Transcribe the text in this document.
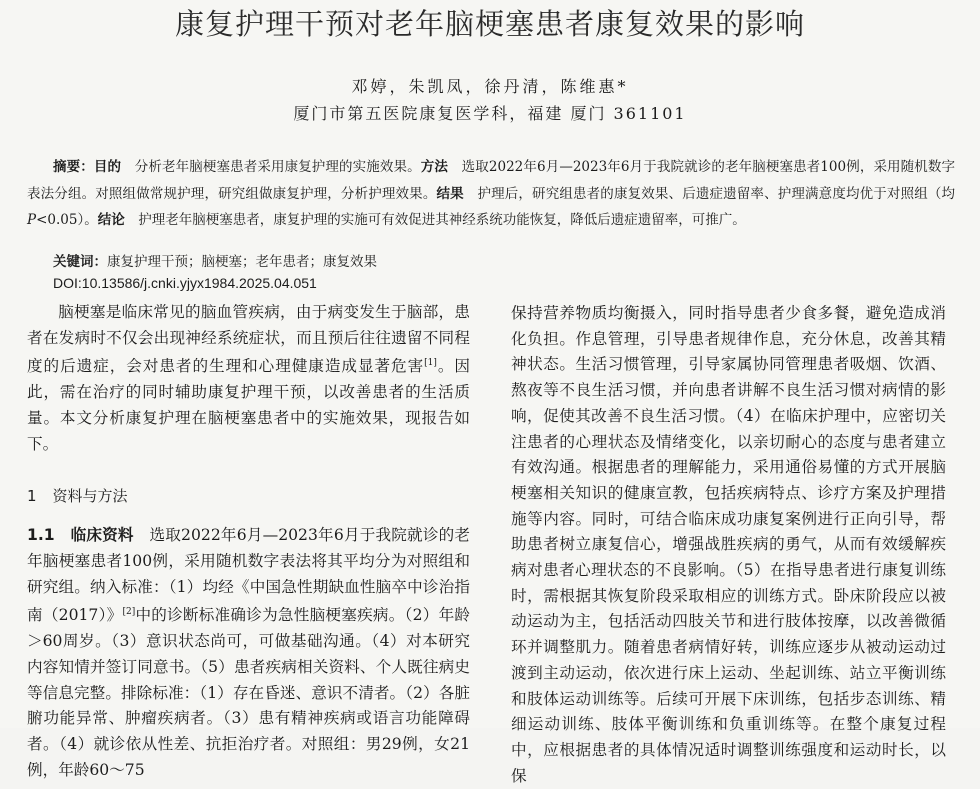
康复护理干预对老年脑梗塞患者康复效果的影响
邓婷，朱凯凤，徐丹清，陈维惠*
厦门市第五医院康复医学科，福建 厦门 361101
摘要：目的　 分析老年脑梗塞患者采用康复护理的实施效果。方法　 选取2022年6月—2023年6月于我院就诊的老年脑梗塞患者100例，采用随机数字表法分组。对照组做常规护理，研究组做康复护理，分析护理效果。结果　 护理后，研究组患者的康复效果、后遗症遗留率、护理满意度均优于对照组（均P<0.05）。结论　 护理老年脑梗塞患者，康复护理的实施可有效促进其神经系统功能恢复，降低后遗症遗留率，可推广。
关键词：康复护理干预；脑梗塞；老年患者；康复效果
DOI:10.13586/j.cnki.yjyx1984.2025.04.051

脑梗塞是临床常见的脑血管疾病，由于病变发生于脑部，患者在发病时不仅会出现神经系统症状，而且预后往往遗留不同程度的后遗症，会对患者的生理和心理健康造成显著危害[1]。因此，需在治疗的同时辅助康复护理干预，以改善患者的生活质量。本文分析康复护理在脑梗塞患者中的实施效果，现报告如下。

1 资料与方法

1.1　临床资料　 选取2022年6月—2023年6月于我院就诊的老年脑梗塞患者100例，采用随机数字表法将其平均分为对照组和研究组。纳入标准：（1）均经《中国急性期缺血性脑卒中诊治指南（2017）》[2]中的诊断标准确诊为急性脑梗塞疾病。（2）年龄＞60周岁。（3）意识状态尚可，可做基础沟通。（4）对本研究内容知情并签订同意书。（5）患者疾病相关资料、个人既往病史等信息完整。排除标准：（1）存在昏迷、意识不清者。（2）各脏腑功能异常、肿瘤疾病者。（3）患有精神疾病或语言功能障碍者。（4）就诊依从性差、抗拒治疗者。对照组：男29例，女21例，年龄60～75

保持营养物质均衡摄入，同时指导患者少食多餐，避免造成消化负担。作息管理，引导患者规律作息，充分休息，改善其精神状态。生活习惯管理，引导家属协同管理患者吸烟、饮酒、熬夜等不良生活习惯，并向患者讲解不良生活习惯对病情的影响，促使其改善不良生活习惯。（4）在临床护理中，应密切关注患者的心理状态及情绪变化，以亲切耐心的态度与患者建立有效沟通。根据患者的理解能力，采用通俗易懂的方式开展脑梗塞相关知识的健康宣教，包括疾病特点、诊疗方案及护理措施等内容。同时，可结合临床成功康复案例进行正向引导，帮助患者树立康复信心，增强战胜疾病的勇气，从而有效缓解疾病对患者心理状态的不良影响。（5）在指导患者进行康复训练时，需根据其恢复阶段采取相应的训练方式。卧床阶段应以被动运动为主，包括活动四肢关节和进行肢体按摩，以改善微循环并调整肌力。随着患者病情好转，训练应逐步从被动运动过渡到主动运动，依次进行床上运动、坐起训练、站立平衡训练和肢体运动训练等。后续可开展下床训练，包括步态训练、精细运动训练、肢体平衡训练和负重训练等。在整个康复过程中，应根据患者的具体情况适时调整训练强度和运动时长，以保
